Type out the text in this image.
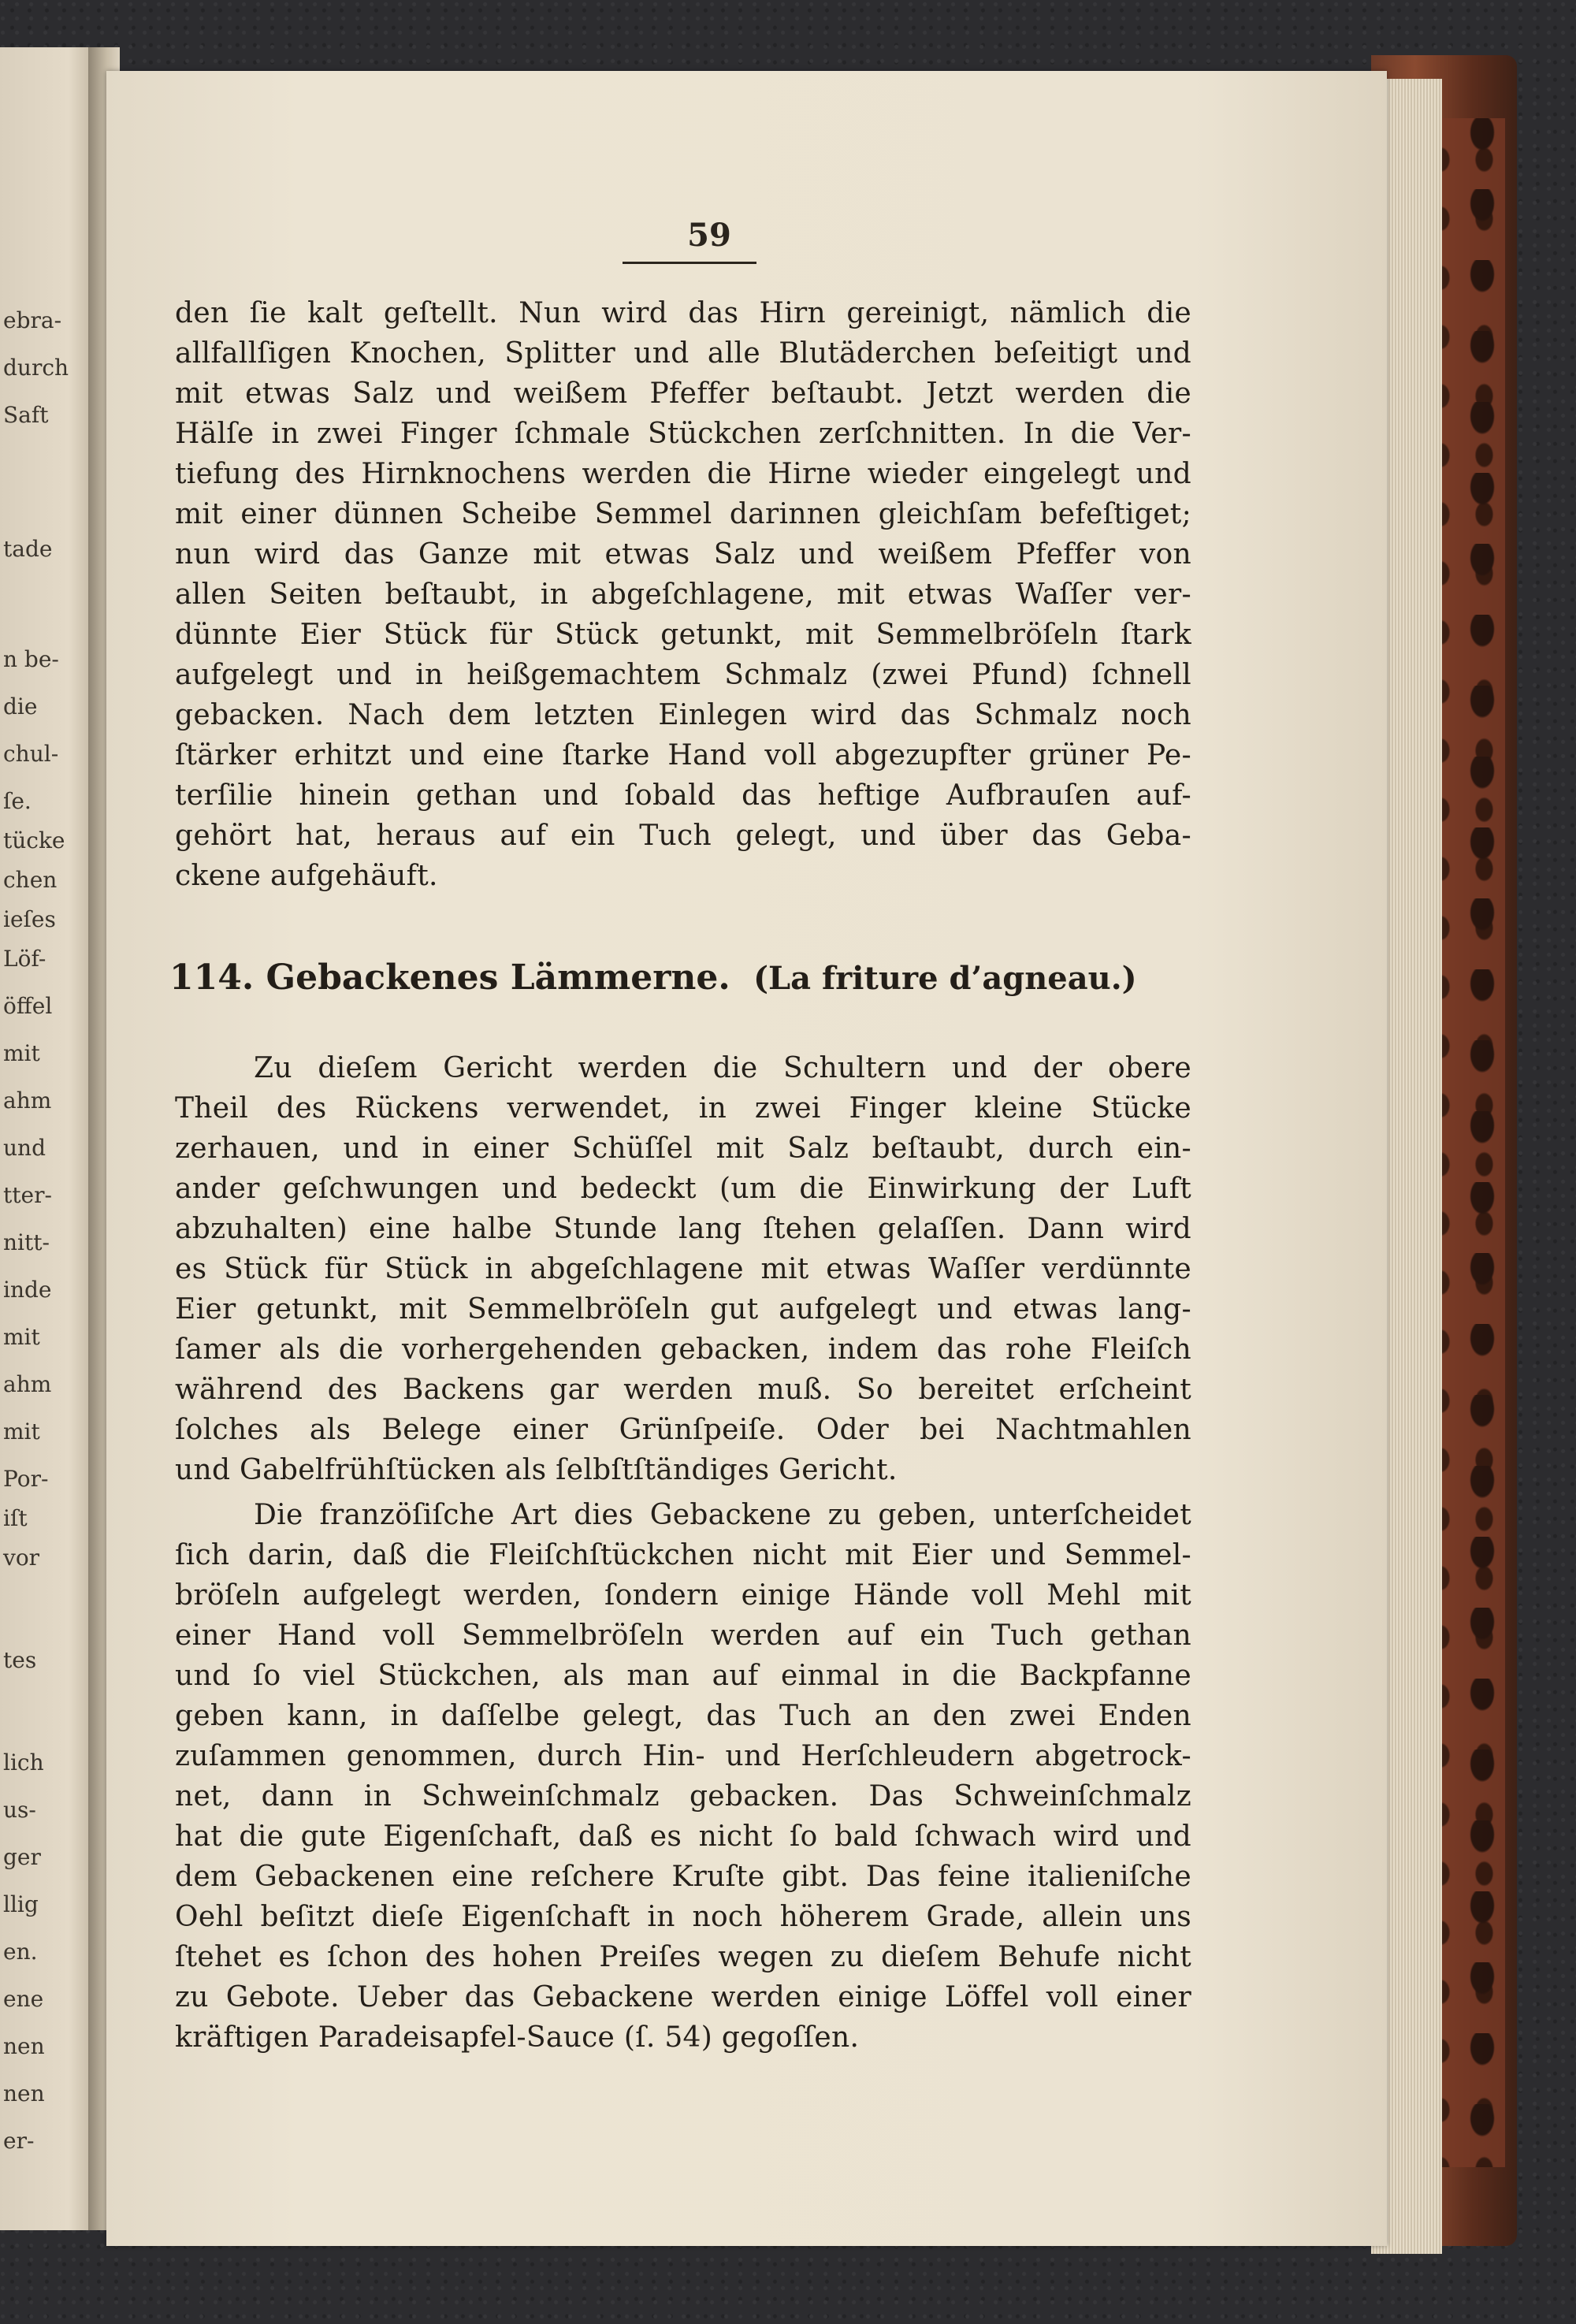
ebra-
durch
Saft
tade
n be-
die
chul-
ſe.
tücke
chen
ieſes
Löf-
öffel
mit
ahm
und
tter-
nitt-
inde
mit
ahm
mit
Por-
iſt
vor
tes
lich
us-
ger
llig
en.
ene
nen
nen
er-
59
den ſie kalt geſtellt. Nun wird das Hirn gereinigt, nämlich die
allfallſigen Knochen, Splitter und alle Blutäderchen beſeitigt und
mit etwas Salz und weißem Pfeffer beſtaubt. Jetzt werden die
Hälſe in zwei Finger ſchmale Stückchen zerſchnitten. In die Ver-
tiefung des Hirnknochens werden die Hirne wieder eingelegt und
mit einer dünnen Scheibe Semmel darinnen gleichſam befeſtiget;
nun wird das Ganze mit etwas Salz und weißem Pfeffer von
allen Seiten beſtaubt, in abgeſchlagene, mit etwas Waſſer ver-
dünnte Eier Stück für Stück getunkt, mit Semmelbröſeln ſtark
aufgelegt und in heißgemachtem Schmalz (zwei Pfund) ſchnell
gebacken. Nach dem letzten Einlegen wird das Schmalz noch
ſtärker erhitzt und eine ſtarke Hand voll abgezupfter grüner Pe-
terſilie hinein gethan und ſobald das heftige Aufbrauſen auf-
gehört hat, heraus auf ein Tuch gelegt, und über das Geba-
ckene aufgehäuft.
114. Gebackenes Lämmerne. (La friture d’agneau.)
Zu dieſem Gericht werden die Schultern und der obere
Theil des Rückens verwendet, in zwei Finger kleine Stücke
zerhauen, und in einer Schüſſel mit Salz beſtaubt, durch ein-
ander geſchwungen und bedeckt (um die Einwirkung der Luft
abzuhalten) eine halbe Stunde lang ſtehen gelaſſen. Dann wird
es Stück für Stück in abgeſchlagene mit etwas Waſſer verdünnte
Eier getunkt, mit Semmelbröſeln gut aufgelegt und etwas lang-
ſamer als die vorhergehenden gebacken, indem das rohe Fleiſch
während des Backens gar werden muß. So bereitet erſcheint
ſolches als Belege einer Grünſpeiſe. Oder bei Nachtmahlen
und Gabelfrühſtücken als ſelbſtſtändiges Gericht.
Die franzöſiſche Art dies Gebackene zu geben, unterſcheidet
ſich darin, daß die Fleiſchſtückchen nicht mit Eier und Semmel-
bröſeln aufgelegt werden, ſondern einige Hände voll Mehl mit
einer Hand voll Semmelbröſeln werden auf ein Tuch gethan
und ſo viel Stückchen, als man auf einmal in die Backpfanne
geben kann, in daſſelbe gelegt, das Tuch an den zwei Enden
zuſammen genommen, durch Hin- und Herſchleudern abgetrock-
net, dann in Schweinſchmalz gebacken. Das Schweinſchmalz
hat die gute Eigenſchaft, daß es nicht ſo bald ſchwach wird und
dem Gebackenen eine reſchere Kruſte gibt. Das feine italieniſche
Oehl beſitzt dieſe Eigenſchaft in noch höherem Grade, allein uns
ſtehet es ſchon des hohen Preiſes wegen zu dieſem Behufe nicht
zu Gebote. Ueber das Gebackene werden einige Löffel voll einer
kräftigen Paradeisapfel-Sauce (ſ. 54) gegoſſen.
